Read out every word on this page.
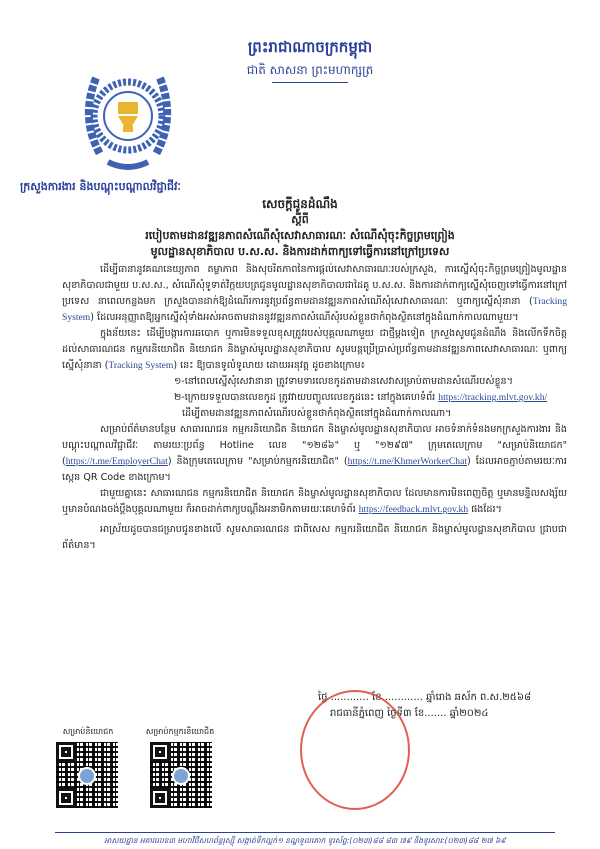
ព្រះរាជាណាចក្រកម្ពុជា
ជាតិ សាសនា ព្រះមហាក្សត្រ
ក្រសួងការងារ និងបណ្តុះបណ្តាលវិជ្ជាជីវៈ
សេចក្តីជូនដំណឹង
ស្តីពី
របៀបតាមដានវឌ្ឍនភាពសំណើសុំសេវាសាធារណៈ សំណើសុំចុះកិច្ចព្រមព្រៀង
មូលដ្ឋានសុខាភិបាល ប.ស.ស. និងការដាក់ពាក្យទៅធ្វើការនៅក្រៅប្រទេស

ដើម្បីធានានូវគណនេយ្យភាព តម្លាភាព និងសុចរិតភាពនៃការផ្តល់សេវាសាធារណៈរបស់ក្រសួង, ការស្នើសុំចុះកិច្ចព្រមព្រៀងមូលដ្ឋានសុខាភិបាលជាមួយ ប.ស.ស., សំណើសុំទូទាត់វិក្កយបត្រជូនមូលដ្ឋានសុខាភិបាលជាដៃគូ ប.ស.ស. និងការដាក់ពាក្យស្នើសុំចេញទៅធ្វើការនៅក្រៅប្រទេស នាពេលកន្លងមក ក្រសួងបានដាក់ឱ្យដំណើរការនូវប្រព័ន្ធតាមដានវឌ្ឍនភាពសំណើសុំសេវាសាធារណៈ ឬពាក្យស្នើសុំនានា (Tracking System) ដែលអនុញ្ញាតឱ្យអ្នកស្នើសុំទាំងអស់អាចតាមដាននូវវឌ្ឍនភាពសំណើសុំរបស់ខ្លួនថាកំពុងស្ថិតនៅក្នុងដំណាក់កាលណាមួយ។

ក្នុងន័យនេះ ដើម្បីបង្ការការឆបោក ឬការមិនទទួលខុសត្រូវរបស់បុគ្គលណាមួយ ជាថ្មីម្តងទៀត ក្រសួងសូមជូនដំណឹង និងលើកទឹកចិត្តដល់សាធារណជន កម្មករនិយោជិត និយោជក និងម្ចាស់មូលដ្ឋានសុខាភិបាល សូមបន្តប្រើប្រាស់ប្រព័ន្ធតាមដានវឌ្ឍនភាពសេវាសាធារណៈ ឬពាក្យស្នើសុំនានា (Tracking System) នេះ ឱ្យបានទូលំទូលាយ ដោយអនុវត្ត ដូចខាងក្រោម៖

១-នៅពេលស្នើសុំសេវានានា ត្រូវទាមទារលេខកូដតាមដានសេវាសម្រាប់តាមដានសំណើរបស់ខ្លួន។

២-ក្រោយទទួលបានលេខកូដ ត្រូវវាយបញ្ចូលលេខកូដនេះ នៅក្នុងគេហទំព័រ https://tracking.mlvt.gov.kh/

ដើម្បីតាមដានវឌ្ឍនភាពសំណើរបស់ខ្លួនថាកំពុងស្ថិតនៅក្នុងដំណាក់កាលណា។

សម្រាប់ព័ត៌មានបន្ថែម សាធារណជន កម្មករនិយោជិត និយោជក និងម្ចាស់មូលដ្ឋានសុខាភិបាល អាចទំនាក់ទំនងមកក្រសួងការងារ និងបណ្តុះបណ្តាលវិជ្ជាជីវៈ តាមរយៈប្រព័ន្ធ Hotline លេខ "១២៨៦" ឬ "១២៩៧" ក្រុមតេលេក្រាម "សម្រាប់និយោជក" (https://t.me/EmployerChat) និងក្រុមតេលេក្រាម "សម្រាប់កម្មករនិយោជិត" (https://t.me/KhmerWorkerChat) ដែលអាចភ្ជាប់តាមរយៈការស្កេន QR Code ខាងក្រោម។

ជាមួយគ្នានេះ សាធារណជន កម្មករនិយោជិត និយោជក និងម្ចាស់មូលដ្ឋានសុខាភិបាល ដែលមានការមិនពេញចិត្ត ឬមានមន្ទិលសង្ស័យ ឬមានបំណងចង់ប្តឹងបុគ្គលណាមួយ ក៏អាចដាក់ពាក្យបណ្តឹងអនាមិកតាមរយៈគេហទំព័រ https://feedback.mlvt.gov.kh ផងដែរ។

អាស្រ័យដូចបានជម្រាបជូនខាងលើ សូមសាធារណជន ជាពិសេស កម្មករនិយោជិត និយោជក និងម្ចាស់មូលដ្ឋានសុខាភិបាល ជ្រាបជាព័ត៌មាន។

ថ្ងៃ ............ ខែ ............ ឆ្នាំរោង ឆស័ក ព.ស.២៥៦៨
រាជធានីភ្នំពេញ ថ្ងៃទី៣ ខែ....... ឆ្នាំ២០២៤
សម្រាប់និយោជក	សម្រាប់កម្មករនិយោជិត
អាសយដ្ឋាន អគារលេខ៣ មហាវិថីសហព័ន្ធរុស្ស៊ី សង្កាត់ទឹកល្អក់១ ខណ្ឌទួលគោក ទូរស័ព្ទ:(០២៣)៨៨ ៨៣ ៧៩ និងទូរសារ:(០២៣)៨៨ ២៧ ៦៩
